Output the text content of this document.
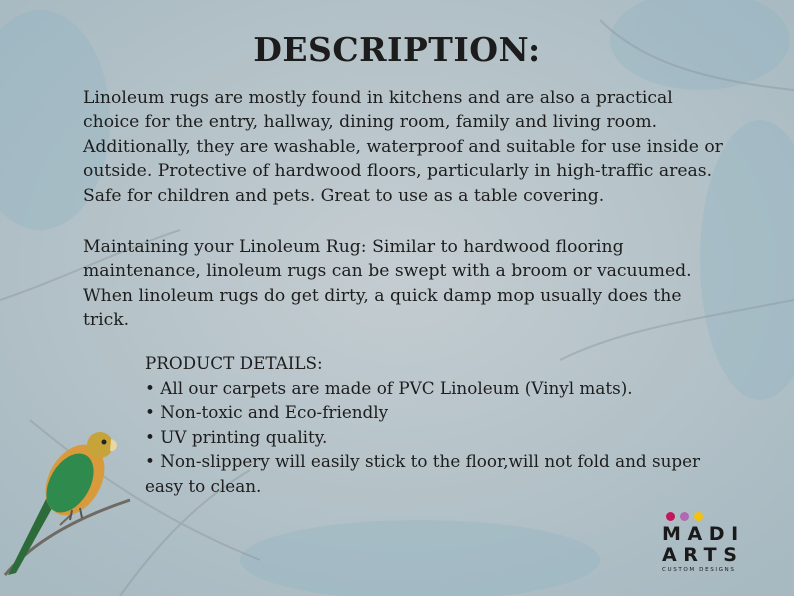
DESCRIPTION:

Linoleum rugs are mostly found in kitchens and are also a practical choice for the entry, hallway, dining room, family and living room. Additionally, they are washable, waterproof and suitable for use inside or outside. Protective of hardwood floors, particularly in high-traffic areas. Safe for children and pets. Great to use as a table covering.

Maintaining your Linoleum Rug: Similar to hardwood flooring maintenance, linoleum rugs can be swept with a broom or vacuumed. When linoleum rugs do get dirty, a quick damp mop usually does the trick.

PRODUCT DETAILS:
• All our carpets are made of PVC Linoleum (Vinyl mats).
• Non-toxic and Eco-friendly
• UV printing quality.
• Non-slippery will easily stick to the floor,will not fold and super easy to clean.
MADI
ARTS
CUSTOM DESIGNS
